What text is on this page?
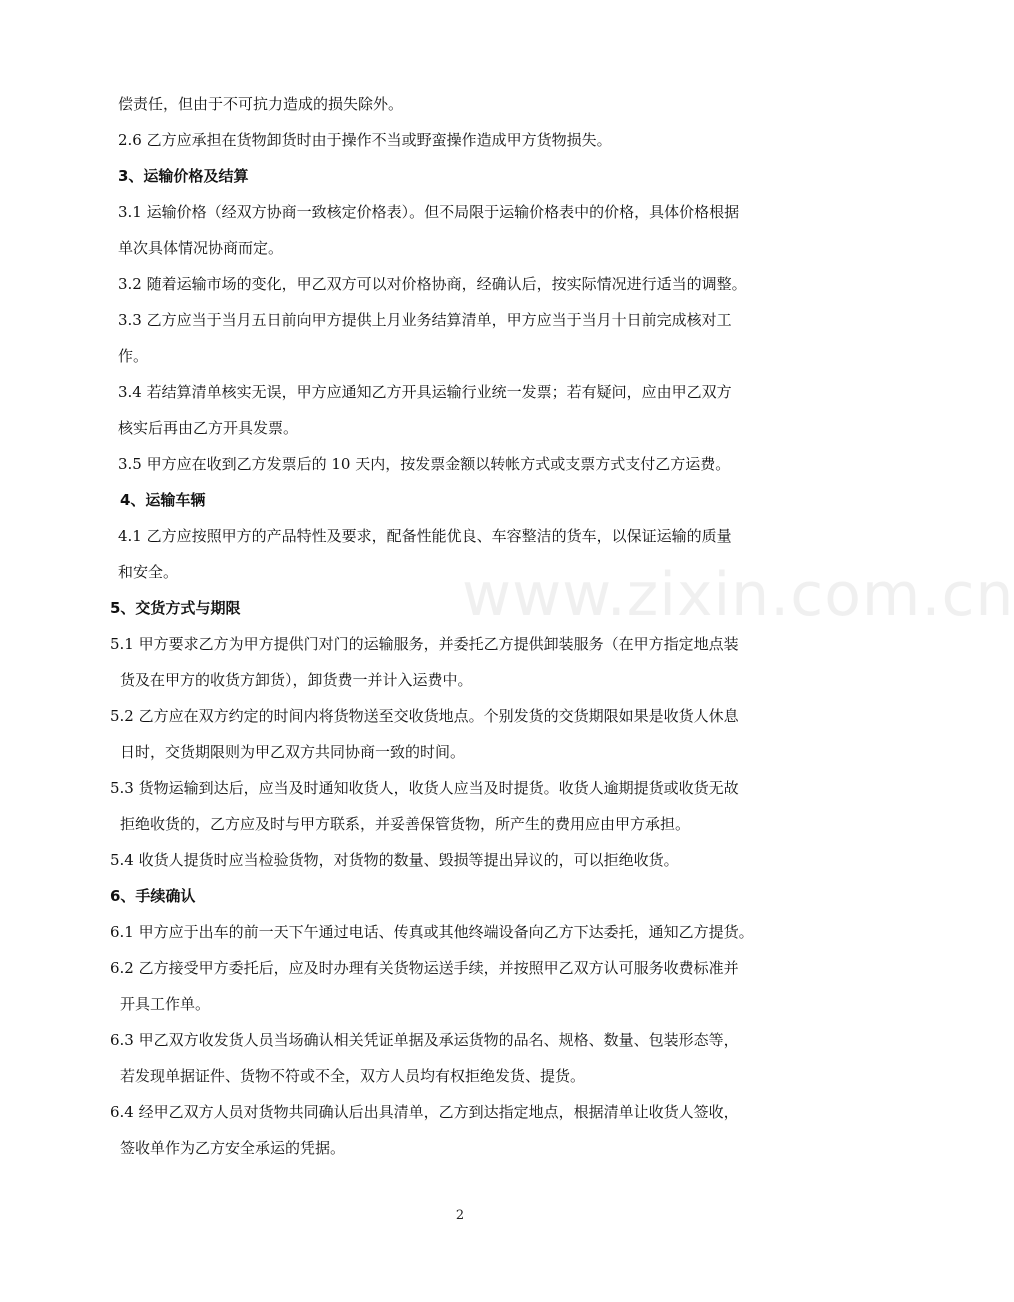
偿责任，但由于不可抗力造成的损失除外。
2.6 乙方应承担在货物卸货时由于操作不当或野蛮操作造成甲方货物损失。
3、运输价格及结算
3.1 运输价格（经双方协商一致核定价格表）。但不局限于运输价格表中的价格，具体价格根据
单次具体情况协商而定。
3.2 随着运输市场的变化，甲乙双方可以对价格协商，经确认后，按实际情况进行适当的调整。
3.3 乙方应当于当月五日前向甲方提供上月业务结算清单，甲方应当于当月十日前完成核对工
作。
3.4 若结算清单核实无误，甲方应通知乙方开具运输行业统一发票；若有疑问，应由甲乙双方
核实后再由乙方开具发票。
3.5 甲方应在收到乙方发票后的 10 天内，按发票金额以转帐方式或支票方式支付乙方运费。
4、运输车辆
4.1 乙方应按照甲方的产品特性及要求，配备性能优良、车容整洁的货车，以保证运输的质量
和安全。
5、交货方式与期限
5.1 甲方要求乙方为甲方提供门对门的运输服务，并委托乙方提供卸装服务（在甲方指定地点装
货及在甲方的收货方卸货），卸货费一并计入运费中。
5.2 乙方应在双方约定的时间内将货物送至交收货地点。个别发货的交货期限如果是收货人休息
日时，交货期限则为甲乙双方共同协商一致的时间。
5.3 货物运输到达后，应当及时通知收货人，收货人应当及时提货。收货人逾期提货或收货无故
拒绝收货的，乙方应及时与甲方联系，并妥善保管货物，所产生的费用应由甲方承担。
5.4 收货人提货时应当检验货物，对货物的数量、毁损等提出异议的，可以拒绝收货。
6、手续确认
6.1 甲方应于出车的前一天下午通过电话、传真或其他终端设备向乙方下达委托，通知乙方提货。
6.2 乙方接受甲方委托后，应及时办理有关货物运送手续，并按照甲乙双方认可服务收费标准并
开具工作单。
6.3 甲乙双方收发货人员当场确认相关凭证单据及承运货物的品名、规格、数量、包装形态等，
若发现单据证件、货物不符或不全，双方人员均有权拒绝发货、提货。
6.4 经甲乙双方人员对货物共同确认后出具清单，乙方到达指定地点，根据清单让收货人签收，
签收单作为乙方安全承运的凭据。
www.zixin.com.cn
2
